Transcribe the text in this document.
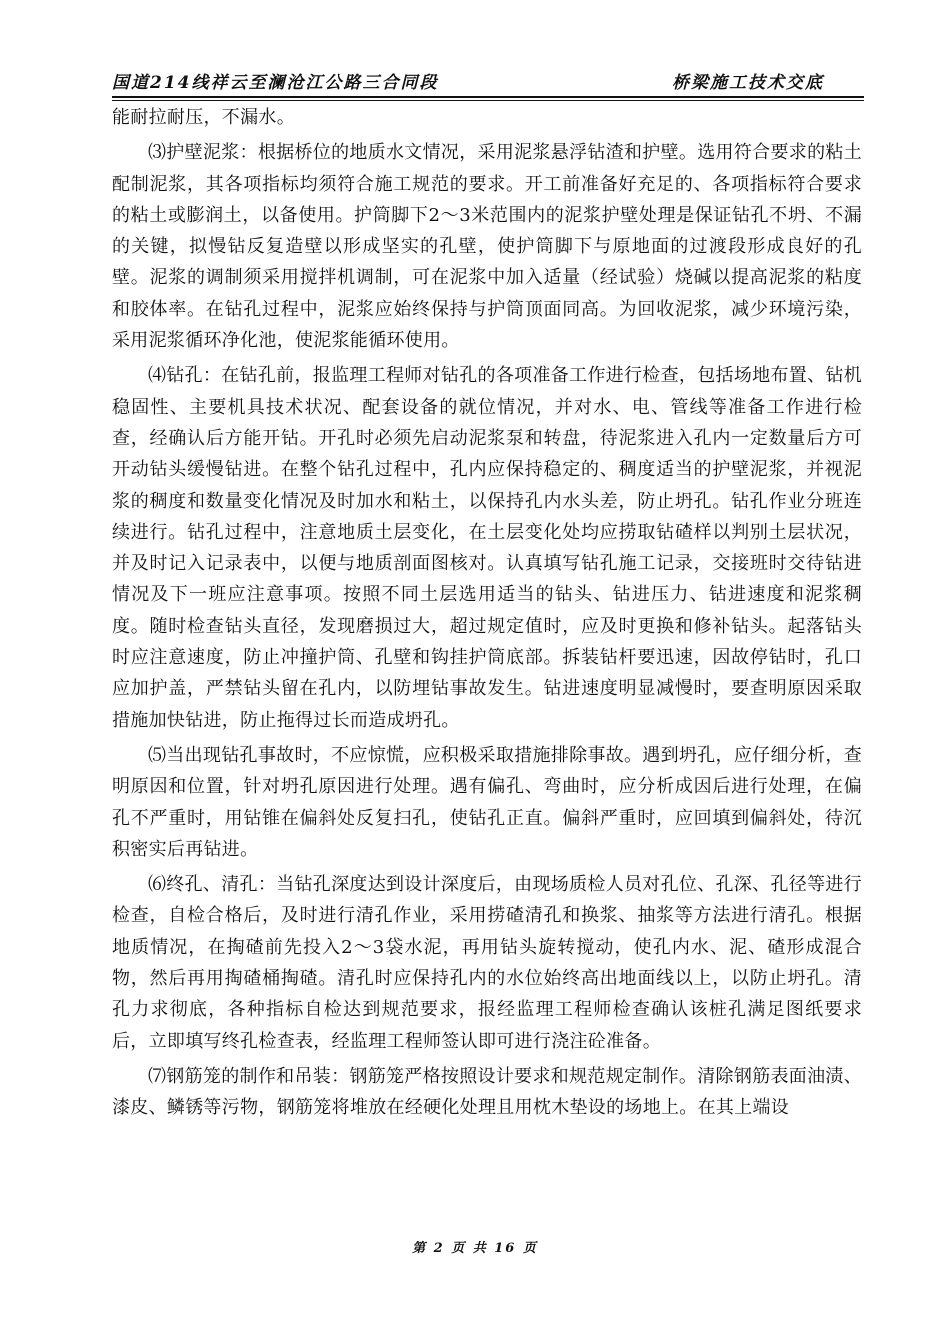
国道214线祥云至澜沧江公路三合同段	桥梁施工技术交底

能耐拉耐压，不漏水。

⑶护壁泥浆：根据桥位的地质水文情况，采用泥浆悬浮钻渣和护壁。选用符合要求的粘土配制泥浆，其各项指标均须符合施工规范的要求。开工前准备好充足的、各项指标符合要求的粘土或膨润土，以备使用。护筒脚下2～3米范围内的泥浆护壁处理是保证钻孔不坍、不漏的关键，拟慢钻反复造壁以形成坚实的孔壁，使护筒脚下与原地面的过渡段形成良好的孔壁。泥浆的调制须采用搅拌机调制，可在泥浆中加入适量（经试验）烧碱以提高泥浆的粘度和胶体率。在钻孔过程中，泥浆应始终保持与护筒顶面同高。为回收泥浆，减少环境污染，采用泥浆循环净化池，使泥浆能循环使用。

⑷钻孔：在钻孔前，报监理工程师对钻孔的各项准备工作进行检查，包括场地布置、钻机稳固性、主要机具技术状况、配套设备的就位情况，并对水、电、管线等准备工作进行检查，经确认后方能开钻。开孔时必须先启动泥浆泵和转盘，待泥浆进入孔内一定数量后方可开动钻头缓慢钻进。在整个钻孔过程中，孔内应保持稳定的、稠度适当的护壁泥浆，并视泥浆的稠度和数量变化情况及时加水和粘土，以保持孔内水头差，防止坍孔。钻孔作业分班连续进行。钻孔过程中，注意地质土层变化，在土层变化处均应捞取钻碴样以判别土层状况，并及时记入记录表中，以便与地质剖面图核对。认真填写钻孔施工记录，交接班时交待钻进情况及下一班应注意事项。按照不同土层选用适当的钻头、钻进压力、钻进速度和泥浆稠度。随时检查钻头直径，发现磨损过大，超过规定值时，应及时更换和修补钻头。起落钻头时应注意速度，防止冲撞护筒、孔壁和钩挂护筒底部。拆装钻杆要迅速，因故停钻时，孔口应加护盖，严禁钻头留在孔内，以防埋钻事故发生。钻进速度明显减慢时，要查明原因采取措施加快钻进，防止拖得过长而造成坍孔。

⑸当出现钻孔事故时，不应惊慌，应积极采取措施排除事故。遇到坍孔，应仔细分析，查明原因和位置，针对坍孔原因进行处理。遇有偏孔、弯曲时，应分析成因后进行处理，在偏孔不严重时，用钻锥在偏斜处反复扫孔，使钻孔正直。偏斜严重时，应回填到偏斜处，待沉积密实后再钻进。

⑹终孔、清孔：当钻孔深度达到设计深度后，由现场质检人员对孔位、孔深、孔径等进行检查，自检合格后，及时进行清孔作业，采用捞碴清孔和换浆、抽浆等方法进行清孔。根据地质情况，在掏碴前先投入2～3袋水泥，再用钻头旋转搅动，使孔内水、泥、碴形成混合物，然后再用掏碴桶掏碴。清孔时应保持孔内的水位始终高出地面线以上，以防止坍孔。清孔力求彻底，各种指标自检达到规范要求，报经监理工程师检查确认该桩孔满足图纸要求后，立即填写终孔检查表，经监理工程师签认即可进行浇注砼准备。

⑺钢筋笼的制作和吊装：钢筋笼严格按照设计要求和规范规定制作。清除钢筋表面油渍、漆皮、鳞锈等污物，钢筋笼将堆放在经硬化处理且用枕木垫设的场地上。在其上端设

第 2 页 共 16 页
